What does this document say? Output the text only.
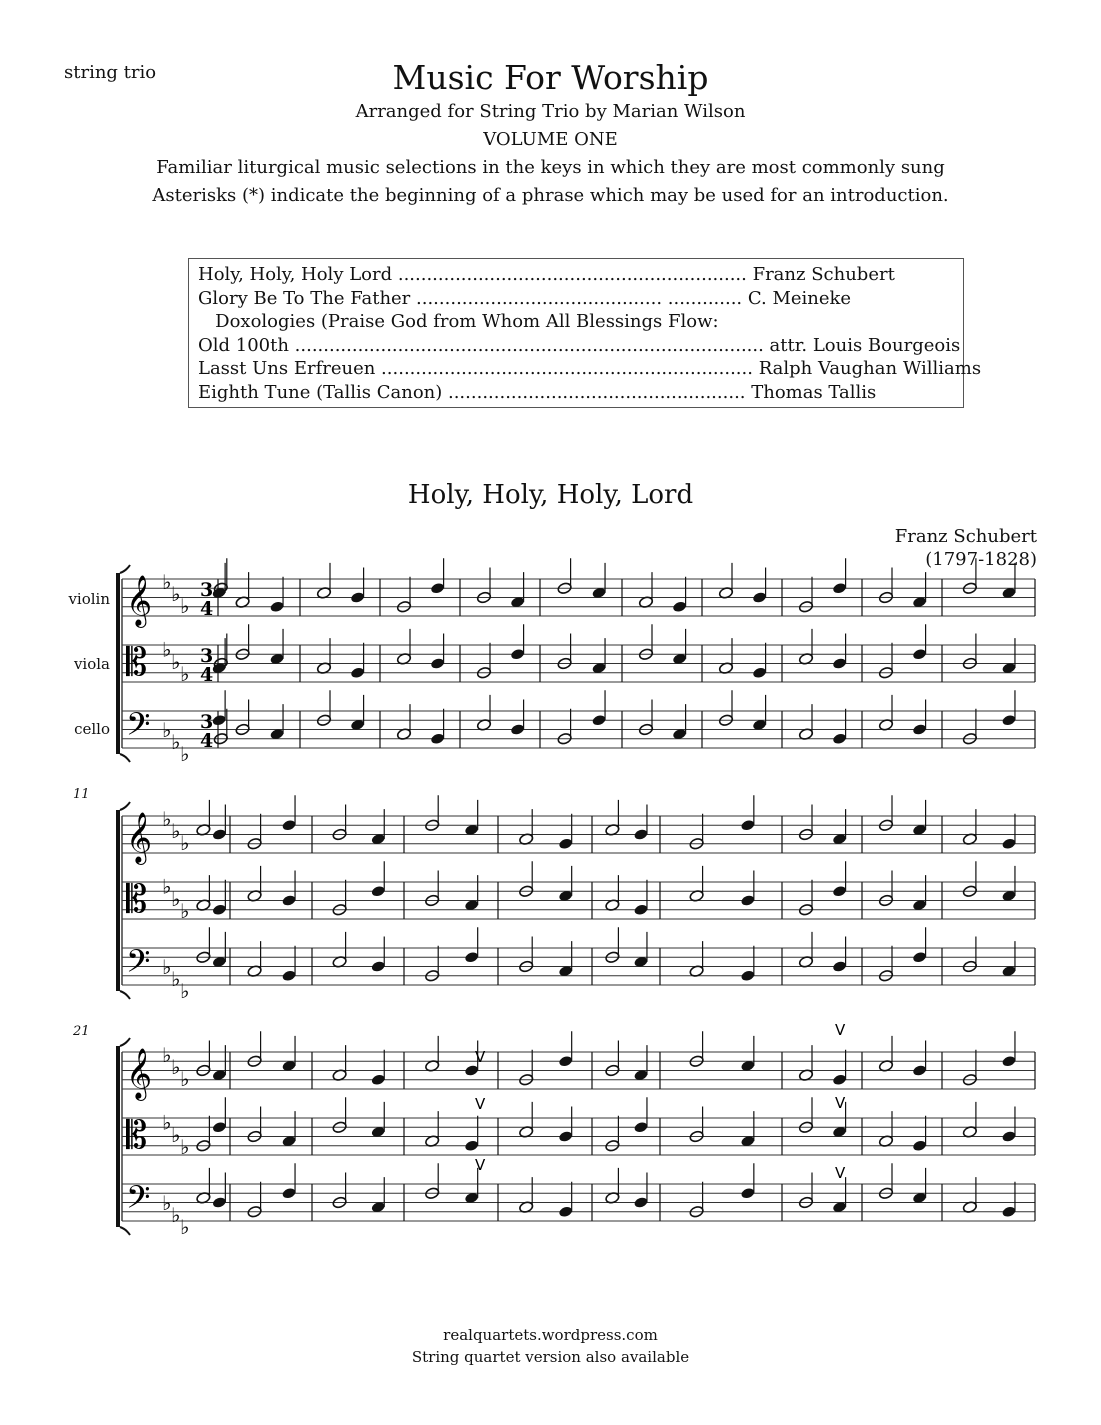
string trio	Music For Worship
Arranged for String Trio by Marian Wilson
VOLUME ONE
Familiar liturgical music selections in the keys in which they are most commonly sung
Asterisks (*) indicate the beginning of a phrase which may be used for an introduction.
Holy, Holy, Holy Lord ............................................................. Franz Schubert
Glory Be To The Father ........................................... ............. C. Meineke
Doxologies (Praise God from Whom All Blessings Flow:
Old 100th .................................................................................. attr. Louis Bourgeois
Lasst Uns Erfreuen ................................................................. Ralph Vaughan Williams
Eighth Tune (Tallis Canon) .................................................... Thomas Tallis
Holy, Holy, Holy, Lord
Franz Schubert
(1797-1828)
violin
viola
cello
11
21
𝄞 ♭ ♭ ♭
3
4
𝄡 ♭
♭ ♭
3
4
𝄢 ♭ ♭ ♭
3
4
𝄞 ♭ ♭ ♭
𝄡 ♭
♭ ♭
𝄢 ♭ ♭ ♭
𝄞 ♭ ♭ ♭
𝄡 ♭
♭ ♭
𝄢 ♭ ♭ ♭
V
V
V
V
V
V
realquartets.wordpress.com
String quartet version also available
